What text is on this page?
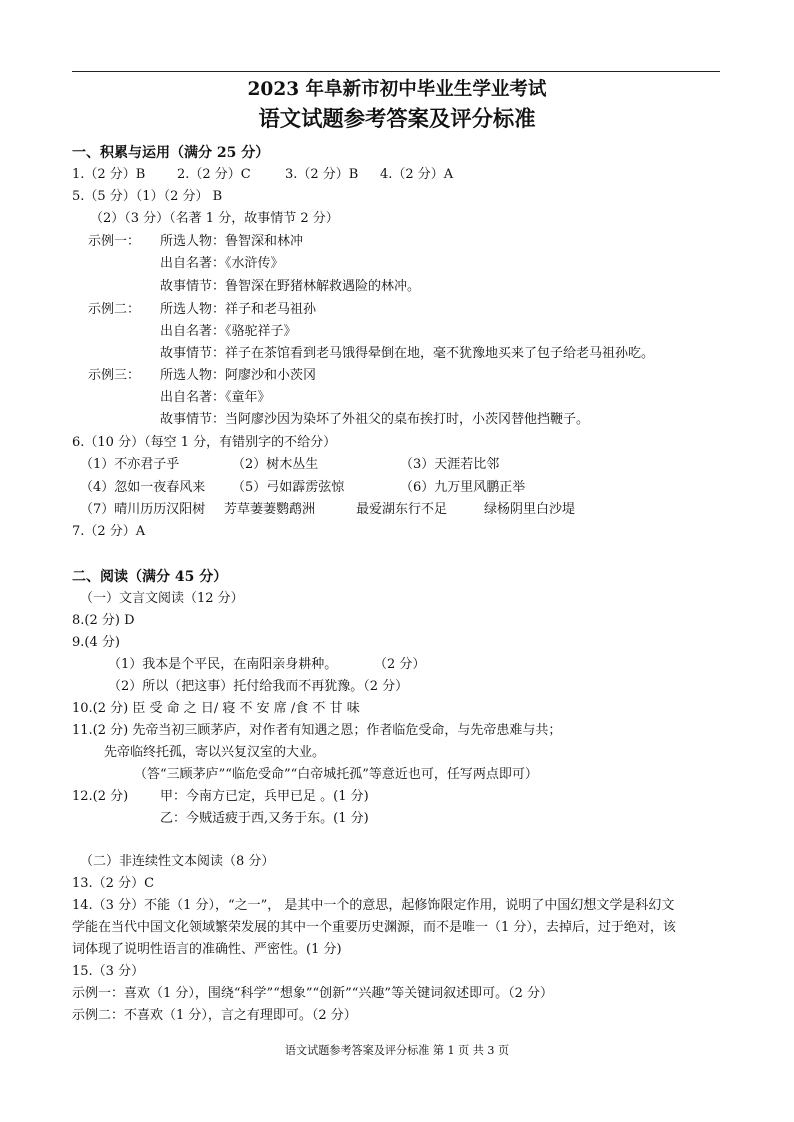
2023 年阜新市初中毕业生学业考试
语文试题参考答案及评分标准
一、积累与运用（满分 25 分）
1.（2 分）B 2.（2 分）C	3.（2 分）B 4.（2 分）A
5.（5 分）（1）（2 分） B
（2）（3 分）（名著 1 分，故事情节 2 分）
示例一： 所选人物：鲁智深和林冲
出自名著：《水浒传》
故事情节：鲁智深在野猪林解救遇险的林冲。
示例二： 所选人物：祥子和老马祖孙
出自名著：《骆驼祥子》
故事情节：祥子在茶馆看到老马饿得晕倒在地，毫不犹豫地买来了包子给老马祖孙吃。
示例三： 所选人物：阿廖沙和小茨冈
出自名著：《童年》
故事情节：当阿廖沙因为染坏了外祖父的桌布挨打时，小茨冈替他挡鞭子。
6.（10 分）（每空 1 分，有错别字的不给分）
（1）不亦君子乎	（2）树木丛生	（3）天涯若比邻
（4）忽如一夜春风来 （5）弓如霹雳弦惊	（6）九万里风鹏正举
（7）晴川历历汉阳树 芳草萋萋鹦鹉洲	最爱湖东行不足	绿杨阴里白沙堤
7.（2 分）A
二、阅读（满分 45 分）
（一）文言文阅读（12 分）
8.(2 分) D
9.(4 分)
（1）我本是个平民，在南阳亲身耕种。	（2 分）
（2）所以（把这事）托付给我而不再犹豫。（2 分）
10.(2 分) 臣 受 命 之 日/ 寝 不 安 席 /食 不 甘 味
11.(2 分) 先帝当初三顾茅庐，对作者有知遇之恩；作者临危受命，与先帝患难与共；
先帝临终托孤，寄以兴复汉室的大业。
（答“三顾茅庐”“临危受命”“白帝城托孤”等意近也可，任写两点即可）
12.(2 分) 甲：今南方已定，兵甲已足 。(1 分)
乙：今贼适疲于西,又务于东。(1 分)
（二）非连续性文本阅读（8 分）
13.（2 分）C
14.（3 分）不能（1 分），“之一”， 是其中一个的意思，起修饰限定作用，说明了中国幻想文学是科幻文
学能在当代中国文化领域繁荣发展的其中一个重要历史渊源，而不是唯一（1 分），去掉后，过于绝对，该
词体现了说明性语言的准确性、严密性。(1 分)
15.（3 分）
示例一：喜欢（1 分），围绕“科学”“想象”“创新”“兴趣”等关键词叙述即可。（2 分）
示例二：不喜欢（1 分），言之有理即可。（2 分）
语文试题参考答案及评分标准 第 1 页 共 3 页
